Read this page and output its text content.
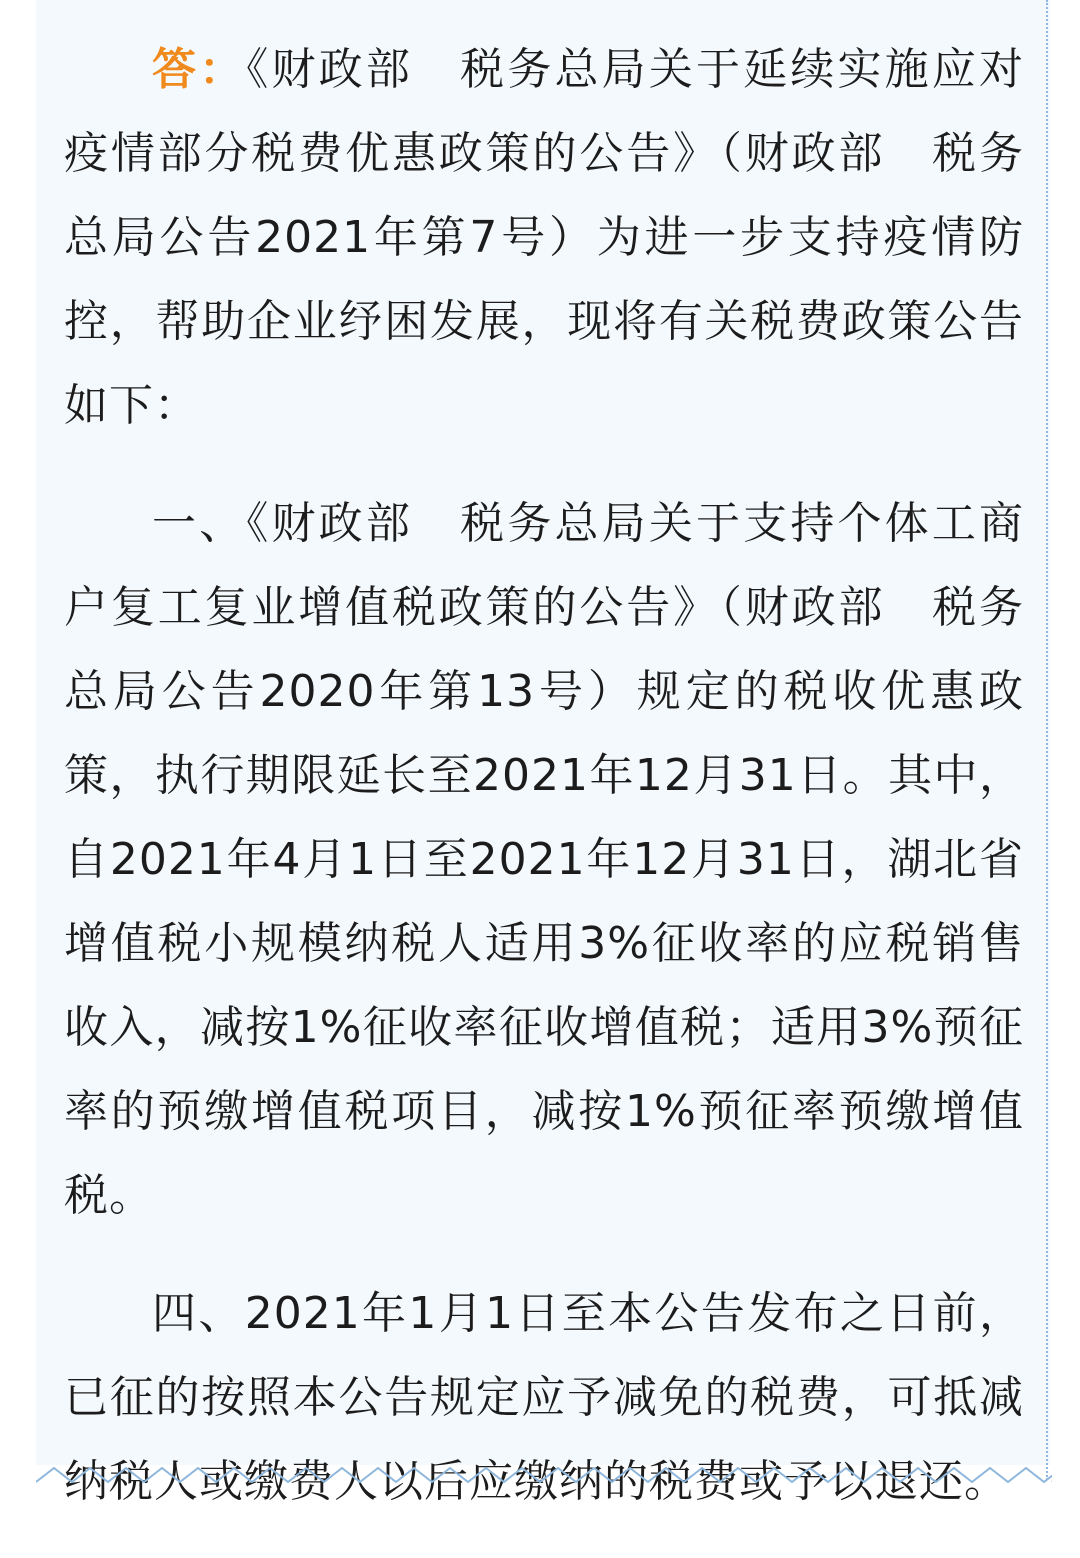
答：《财政部　税务总局关于延续实施应对疫情部分税费优惠政策的公告》（财政部　税务总局公告2021年第7号）为进一步支持疫情防控，帮助企业纾困发展，现将有关税费政策公告如下：

一、《财政部　税务总局关于支持个体工商户复工复业增值税政策的公告》（财政部　税务总局公告2020年第13号）规定的税收优惠政策，执行期限延长至2021年12月31日。其中，自2021年4月1日至2021年12月31日，湖北省增值税小规模纳税人适用3%征收率的应税销售收入，减按1%征收率征收增值税；适用3%预征率的预缴增值税项目，减按1%预征率预缴增值税。

四、2021年1月1日至本公告发布之日前，已征的按照本公告规定应予减免的税费，可抵减纳税人或缴费人以后应缴纳的税费或予以退还。
